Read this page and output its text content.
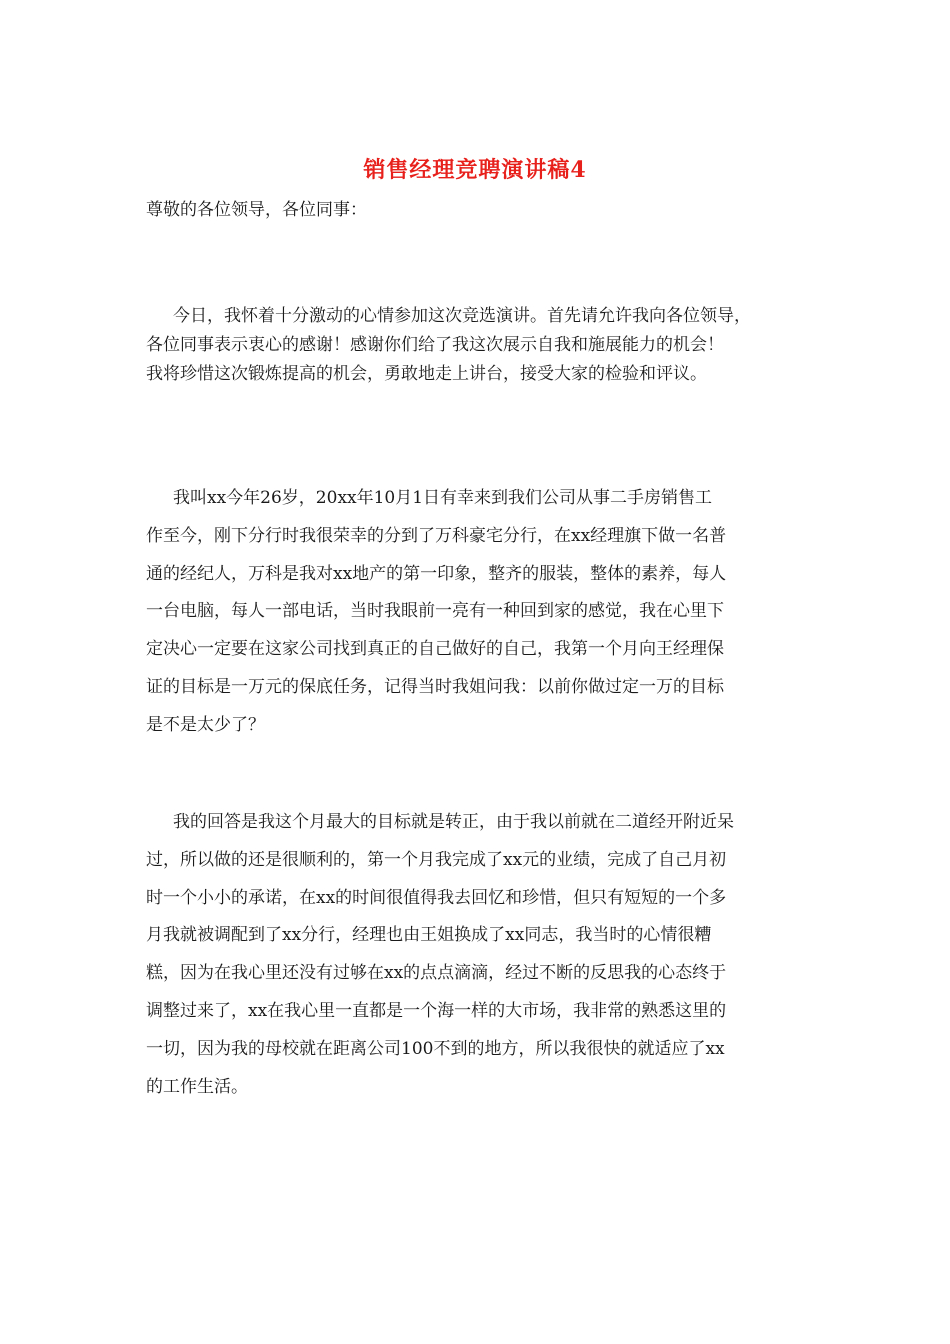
销售经理竞聘演讲稿4
尊敬的各位领导，各位同事：
今日，我怀着十分激动的心情参加这次竞选演讲。首先请允许我向各位领导，
各位同事表示衷心的感谢！感谢你们给了我这次展示自我和施展能力的机会！
我将珍惜这次锻炼提高的机会，勇敢地走上讲台，接受大家的检验和评议。
我叫xx今年26岁，20xx年10月1日有幸来到我们公司从事二手房销售工
作至今，刚下分行时我很荣幸的分到了万科豪宅分行，在xx经理旗下做一名普
通的经纪人，万科是我对xx地产的第一印象，整齐的服装，整体的素养，每人
一台电脑，每人一部电话，当时我眼前一亮有一种回到家的感觉，我在心里下
定决心一定要在这家公司找到真正的自己做好的自己，我第一个月向王经理保
证的目标是一万元的保底任务，记得当时我姐问我：以前你做过定一万的目标
是不是太少了？
我的回答是我这个月最大的目标就是转正，由于我以前就在二道经开附近呆
过，所以做的还是很顺利的，第一个月我完成了xx元的业绩，完成了自己月初
时一个小小的承诺，在xx的时间很值得我去回忆和珍惜，但只有短短的一个多
月我就被调配到了xx分行，经理也由王姐换成了xx同志，我当时的心情很糟
糕，因为在我心里还没有过够在xx的点点滴滴，经过不断的反思我的心态终于
调整过来了，xx在我心里一直都是一个海一样的大市场，我非常的熟悉这里的
一切，因为我的母校就在距离公司100不到的地方，所以我很快的就适应了xx
的工作生活。
